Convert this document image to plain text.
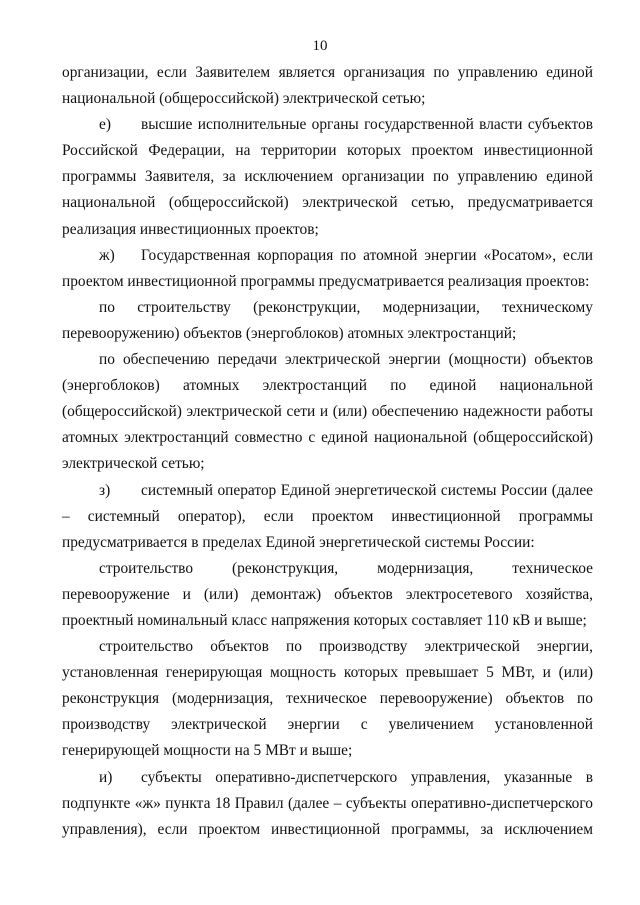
10

организации, если Заявителем является организация по управлению единой национальной (общероссийской) электрической сетью;

е) высшие исполнительные органы государственной власти субъектов Российской Федерации, на территории которых проектом инвестиционной программы Заявителя, за исключением организации по управлению единой национальной (общероссийской) электрической сетью, предусматривается реализация инвестиционных проектов;

ж) Государственная корпорация по атомной энергии «Росатом», если проектом инвестиционной программы предусматривается реализация проектов:

по строительству (реконструкции, модернизации, техническому перевооружению) объектов (энергоблоков) атомных электростанций;

по обеспечению передачи электрической энергии (мощности) объектов (энергоблоков) атомных электростанций по единой национальной (общероссийской) электрической сети и (или) обеспечению надежности работы атомных электростанций совместно с единой национальной (общероссийской) электрической сетью;

з) системный оператор Единой энергетической системы России (далее – системный оператор), если проектом инвестиционной программы предусматривается в пределах Единой энергетической системы России:

строительство (реконструкция, модернизация, техническое перевооружение и (или) демонтаж) объектов электросетевого хозяйства, проектный номинальный класс напряжения которых составляет 110 кВ и выше;

строительство объектов по производству электрической энергии, установленная генерирующая мощность которых превышает 5 МВт, и (или) реконструкция (модернизация, техническое перевооружение) объектов по производству электрической энергии с увеличением установленной генерирующей мощности на 5 МВт и выше;

и) субъекты оперативно-диспетчерского управления, указанные в подпункте «ж» пункта 18 Правил (далее – субъекты оперативно-диспетчерского управления), если проектом инвестиционной программы, за исключением
